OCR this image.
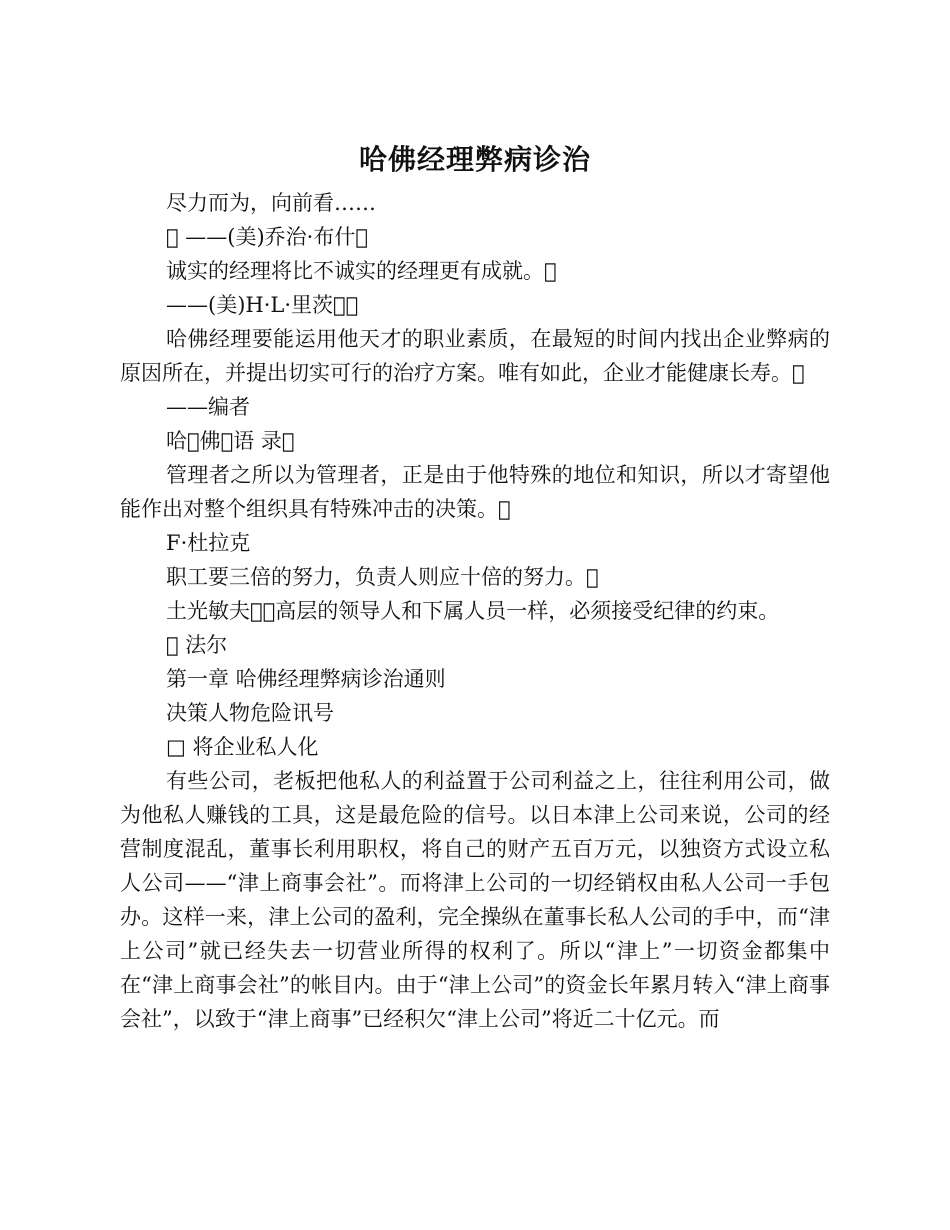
哈佛经理弊病诊治

尽力而为，向前看……

􀀹 ——(美)乔治·布什􀀹

诚实的经理将比不诚实的经理更有成就。􀀹

——(美)H·L·里茨􀀹􀀹

哈佛经理要能运用他天才的职业素质，在最短的时间内找出企业弊病的原因所在，并提出切实可行的治疗方案。唯有如此，企业才能健康长寿。􀀹

——编者

哈􀀹佛􀀹语 录􀀹

管理者之所以为管理者，正是由于他特殊的地位和知识，所以才寄望他能作出对整个组织具有特殊冲击的决策。􀀹

F·杜拉克

职工要三倍的努力，负责人则应十倍的努力。􀀹

土光敏夫􀀹􀀹高层的领导人和下属人员一样，必须接受纪律的约束。

􀀹 法尔

第一章 哈佛经理弊病诊治通则

决策人物危险讯号

□ 将企业私人化

有些公司，老板把他私人的利益置于公司利益之上，往往利用公司，做为他私人赚钱的工具，这是最危险的信号。以日本津上公司来说，公司的经营制度混乱，董事长利用职权，将自己的财产五百万元，以独资方式设立私人公司——“津上商事会社”。而将津上公司的一切经销权由私人公司一手包办。这样一来，津上公司的盈利，完全操纵在董事长私人公司的手中，而“津上公司”就已经失去一切营业所得的权利了。所以“津上”一切资金都集中在“津上商事会社”的帐目内。由于“津上公司”的资金长年累月转入“津上商事会社”，以致于“津上商事”已经积欠“津上公司”将近二十亿元。而
